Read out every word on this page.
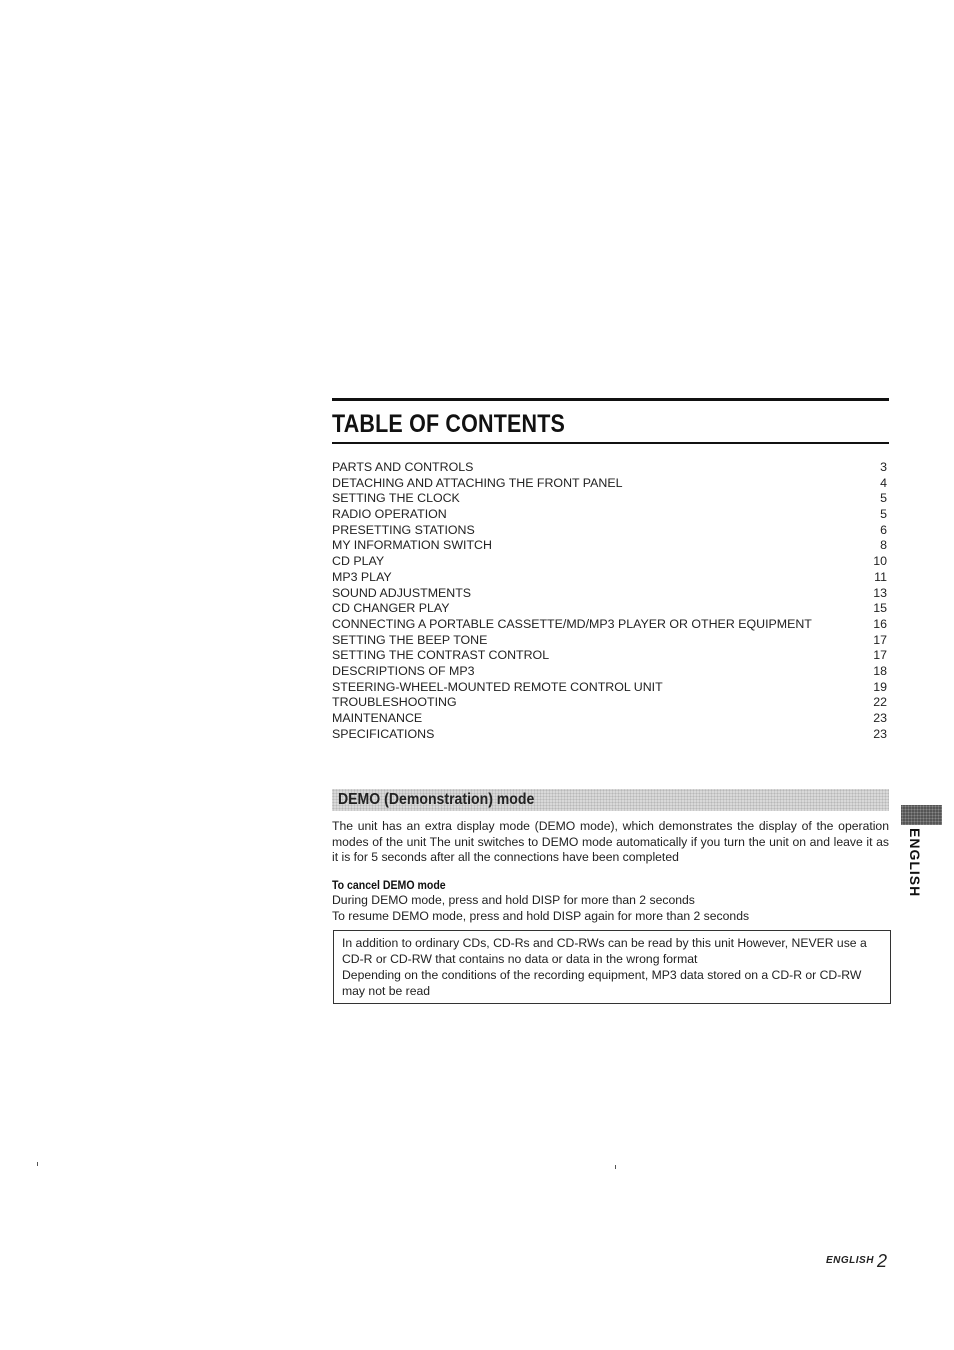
TABLE OF CONTENTS
PARTS AND CONTROLS	3
DETACHING AND ATTACHING THE FRONT PANEL	4
SETTING THE CLOCK	5
RADIO OPERATION	5
PRESETTING STATIONS	6
MY INFORMATION SWITCH	8
CD PLAY	10
MP3 PLAY	11
SOUND ADJUSTMENTS	13
CD CHANGER PLAY	15
CONNECTING A PORTABLE CASSETTE/MD/MP3 PLAYER OR OTHER EQUIPMENT	16
SETTING THE BEEP TONE	17
SETTING THE CONTRAST CONTROL	17
DESCRIPTIONS OF MP3	18
STEERING-WHEEL-MOUNTED REMOTE CONTROL UNIT	19
TROUBLESHOOTING	22
MAINTENANCE	23
SPECIFICATIONS	23
DEMO (Demonstration) mode

The unit has an extra display mode (DEMO mode), which demonstrates the display of the operation modes of the unit The unit switches to DEMO mode automatically if you turn the unit on and leave it as it is for 5 seconds after all the connections have been completed

To cancel DEMO mode
During DEMO mode, press and hold DISP for more than 2 seconds
To resume DEMO mode, press and hold DISP again for more than 2 seconds
In addition to ordinary CDs, CD-Rs and CD-RWs can be read by this unit However, NEVER use a CD-R or CD-RW that contains no data or data in the wrong format
Depending on the conditions of the recording equipment, MP3 data stored on a CD-R or CD-RW may not be read
ENGLISH
ENGLISH 2
